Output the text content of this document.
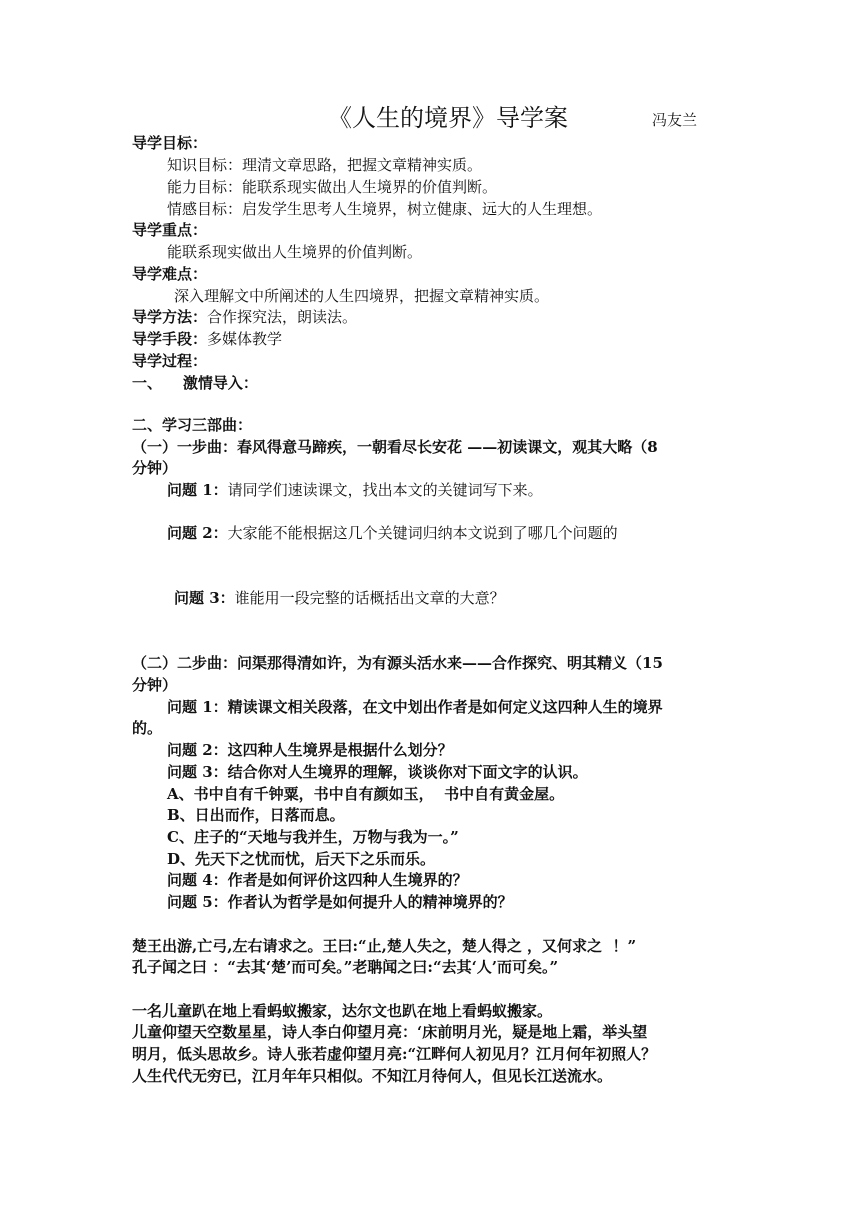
《人生的境界》导学案	冯友兰
导学目标：
知识目标：理清文章思路，把握文章精神实质。
能力目标：能联系现实做出人生境界的价值判断。
情感目标：启发学生思考人生境界，树立健康、远大的人生理想。
导学重点：
能联系现实做出人生境界的价值判断。
导学难点：
深入理解文中所阐述的人生四境界，把握文章精神实质。
导学方法：合作探究法，朗读法。
导学手段：多媒体教学
导学过程：
一、    激情导入：
二、学习三部曲：
（一）一步曲：春风得意马蹄疾，一朝看尽长安花 ——初读课文，观其大略（8
分钟）
问题 1：请同学们速读课文，找出本文的关键词写下来。
问题 2：大家能不能根据这几个关键词归纳本文说到了哪几个问题的
问题 3：谁能用一段完整的话概括出文章的大意？
（二）二步曲：问渠那得清如许，为有源头活水来——合作探究、明其精义（15
分钟）
问题 1：精读课文相关段落，在文中划出作者是如何定义这四种人生的境界
的。
问题 2：这四种人生境界是根据什么划分？
问题 3：结合你对人生境界的理解，谈谈你对下面文字的认识。
A、书中自有千钟粟，书中自有颜如玉，  书中自有黄金屋。
B、日出而作，日落而息。
C、庄子的“天地与我并生，万物与我为一。”
D、先天下之忧而忧，后天下之乐而乐。
问题 4：作者是如何评价这四种人生境界的？
问题 5：作者认为哲学是如何提升人的精神境界的？
楚王出游,亡弓,左右请求之。王曰:“止,楚人失之，楚人得之 ，又何求之  ！”
孔子闻之曰 ：“去其‘楚’而可矣。”老聃闻之曰:“去其‘人’而可矣。”
一名儿童趴在地上看蚂蚁搬家，达尔文也趴在地上看蚂蚁搬家。
儿童仰望天空数星星，诗人李白仰望月亮：‘床前明月光，疑是地上霜，举头望
明月，低头思故乡。诗人张若虚仰望月亮:“江畔何人初见月？江月何年初照人？
人生代代无穷已，江月年年只相似。不知江月待何人，但见长江送流水。
